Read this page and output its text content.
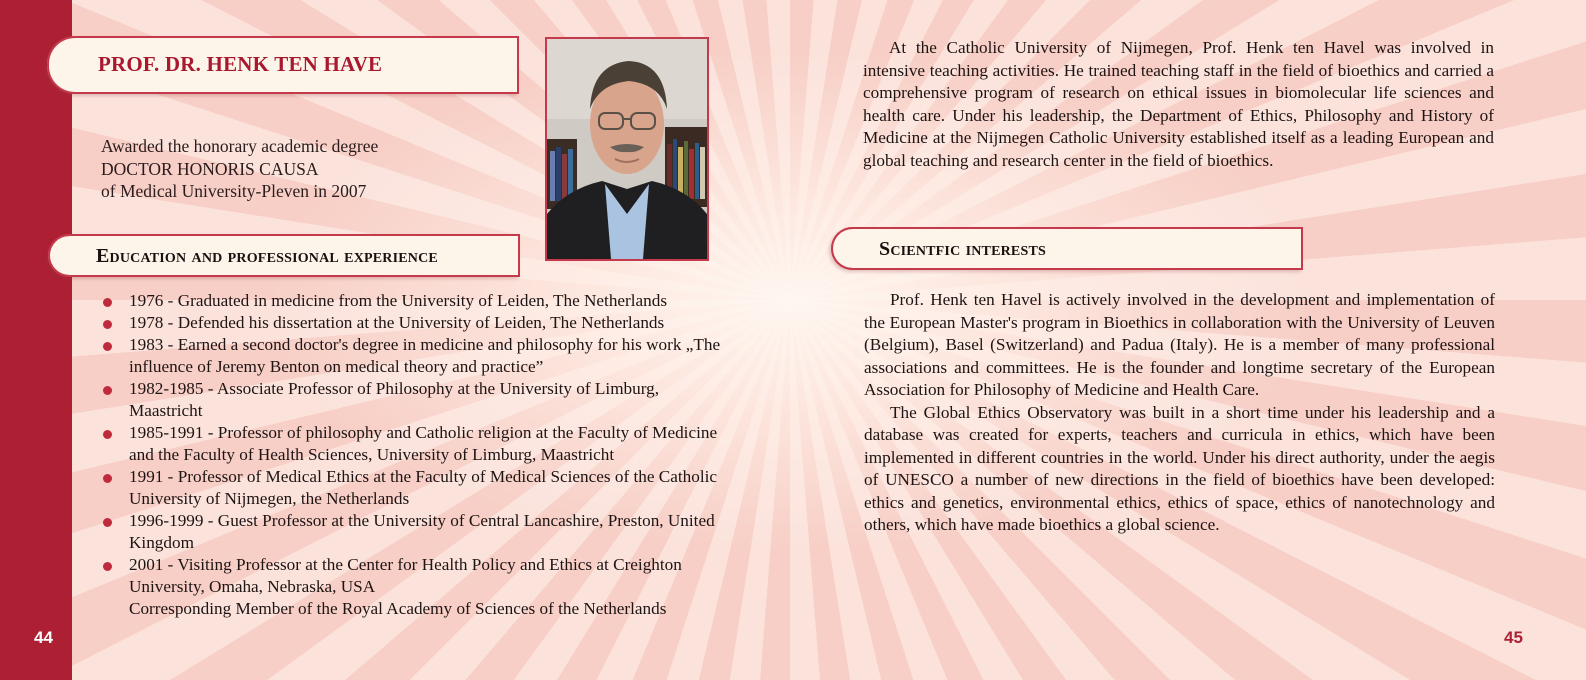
PROF. DR. HENK TEN HAVE
Awarded the honorary academic degree
DOCTOR HONORIS CAUSA
of Medical University-Pleven in 2007
Education and professional experience
1976 - Graduated in medicine from the University of Leiden, The Netherlands
1978 - Defended his dissertation at the University of Leiden, The Netherlands
1983 - Earned a second doctor's degree in medicine and philosophy for his work „The influence of Jeremy Benton on medical theory and practice”
1982-1985 - Associate Professor of Philosophy at the University of Limburg, Maastricht
1985-1991 - Professor of philosophy and Catholic religion at the Faculty of Medicine and the Faculty of Health Sciences, University of Limburg, Maastricht
1991 - Professor of Medical Ethics at the Faculty of Medical Sciences of the Catholic University of Nijmegen, the Netherlands
1996-1999 - Guest Professor at the University of Central Lancashire, Preston, United Kingdom
2001 - Visiting Professor at the Center for Health Policy and Ethics at Creighton University, Omaha, Nebraska, USA
Corresponding Member of the Royal Academy of Sciences of the Netherlands
44

At the Catholic University of Nijmegen, Prof. Henk ten Havel was involved in intensive teaching activities. He trained teaching staff in the field of bioethics and carried a comprehensive program of research on ethical issues in biomolecular life sciences and health care. Under his leadership, the Department of Ethics, Philosophy and History of Medicine at the Nijmegen Catholic University established itself as a leading European and global teaching and research center in the field of bioethics.

Scientfic interests

Prof. Henk ten Havel is actively involved in the development and implementation of the European Master's program in Bioethics in collaboration with the University of Leuven (Belgium), Basel (Switzerland) and Padua (Italy). He is a member of many professional associations and committees. He is the founder and longtime secretary of the European Association for Philosophy of Medicine and Health Care.

The Global Ethics Observatory was built in a short time under his leadership and a database was created for experts, teachers and curricula in ethics, which have been implemented in different countries in the world. Under his direct authority, under the aegis of UNESCO a number of new directions in the field of bioethics have been developed: ethics and genetics, environmental ethics, ethics of space, ethics of nanotechnology and others, which have made bioethics a global science.

45
